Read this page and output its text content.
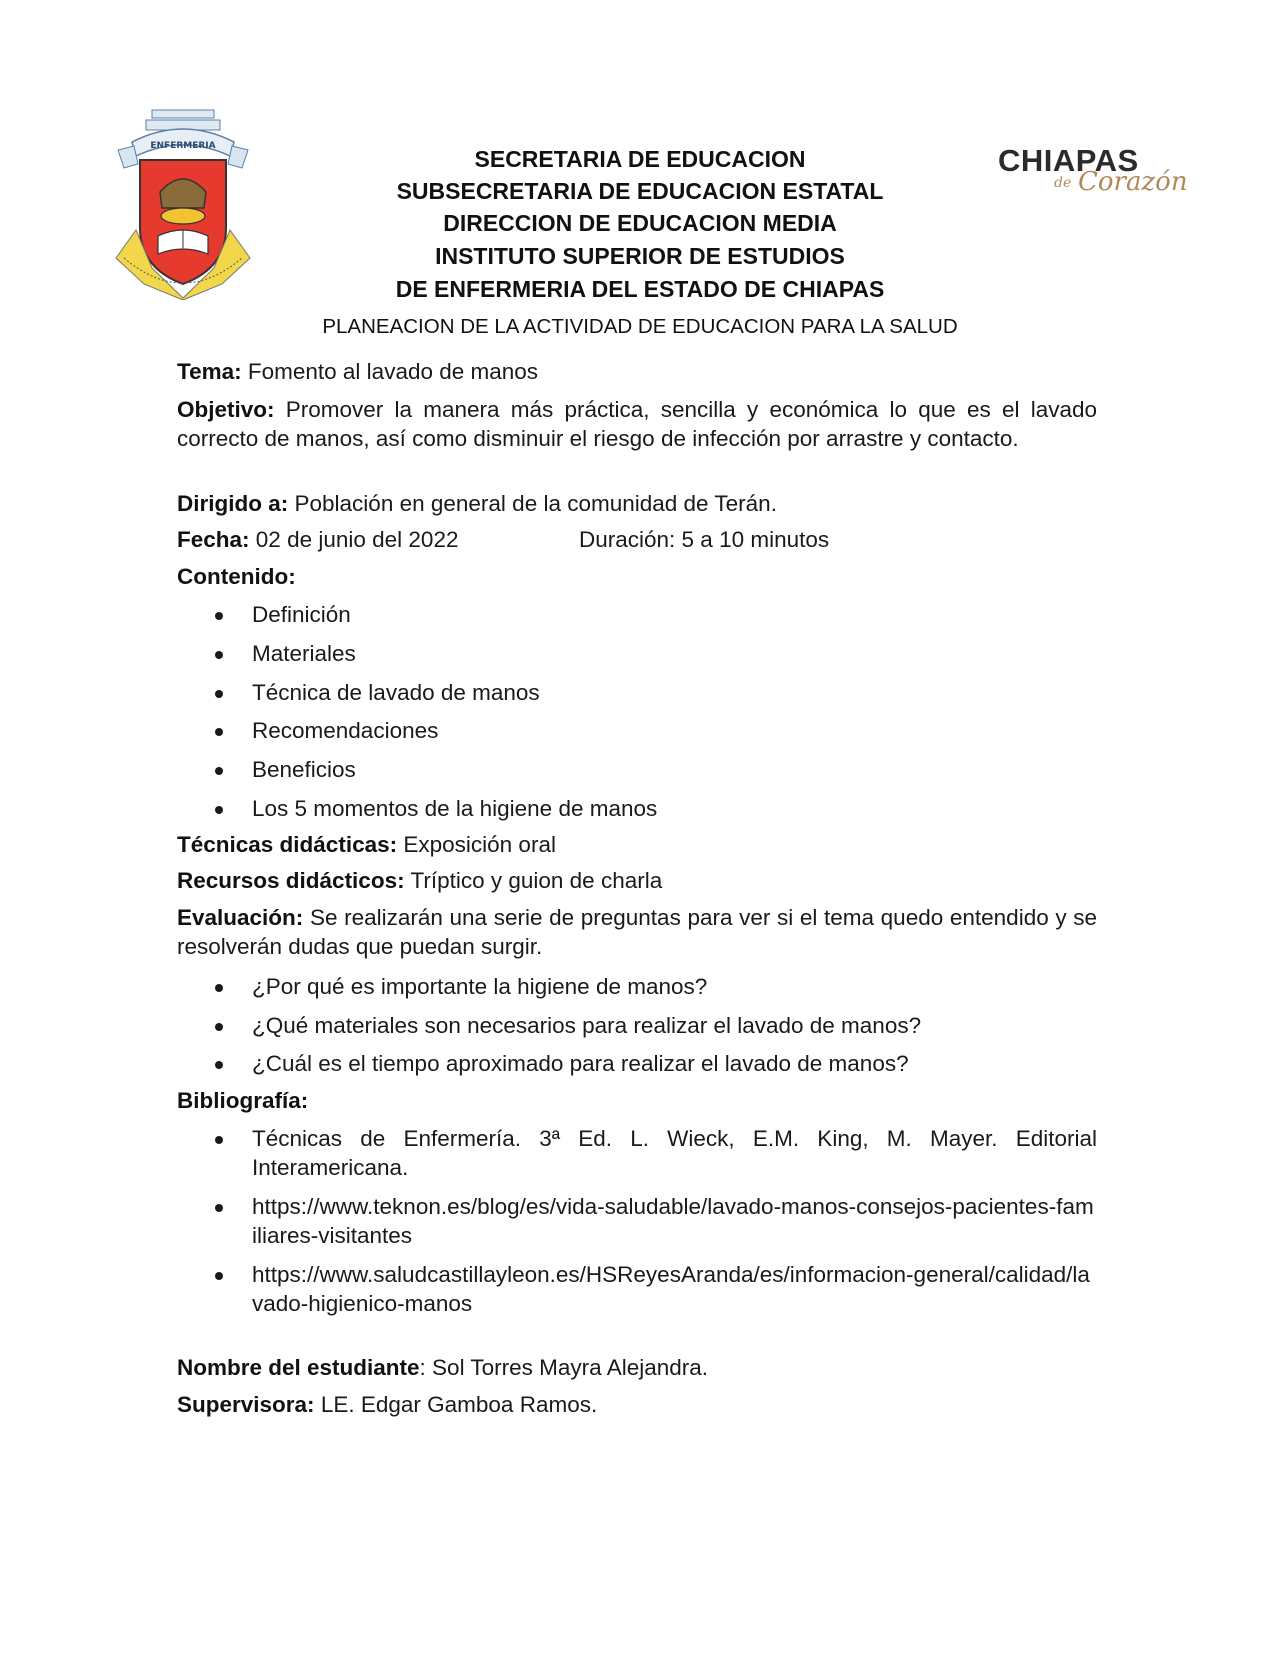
ENFERMERIA	CHIAPAS
de Corazón
SECRETARIA DE EDUCACION
SUBSECRETARIA DE EDUCACION ESTATAL
DIRECCION DE EDUCACION MEDIA
INSTITUTO SUPERIOR DE ESTUDIOS
DE ENFERMERIA DEL ESTADO DE CHIAPAS
PLANEACION DE LA ACTIVIDAD DE EDUCACION PARA LA SALUD
Tema: Fomento al lavado de manos
Objetivo: Promover la manera más práctica, sencilla y económica lo que es el lavado correcto de manos, así como disminuir el riesgo de infección por arrastre y contacto.
Dirigido a: Población en general de la comunidad de Terán.
Fecha: 02 de junio del 2022	Duración: 5 a 10 minutos
Contenido:
Definición
Materiales
Técnica de lavado de manos
Recomendaciones
Beneficios
Los 5 momentos de la higiene de manos
Técnicas didácticas: Exposición oral
Recursos didácticos: Tríptico y guion de charla
Evaluación: Se realizarán una serie de preguntas para ver si el tema quedo entendido y se resolverán dudas que puedan surgir.
¿Por qué es importante la higiene de manos?
¿Qué materiales son necesarios para realizar el lavado de manos?
¿Cuál es el tiempo aproximado para realizar el lavado de manos?
Bibliografía:
Técnicas de Enfermería. 3ª Ed. L. Wieck, E.M. King, M. Mayer. Editorial Interamericana.
https://www.teknon.es/blog/es/vida-saludable/lavado-manos-consejos-pacientes-familiares-visitantes
https://www.saludcastillayleon.es/HSReyesAranda/es/informacion-general/calidad/lavado-higienico-manos
Nombre del estudiante: Sol Torres Mayra Alejandra.
Supervisora: LE. Edgar Gamboa Ramos.
